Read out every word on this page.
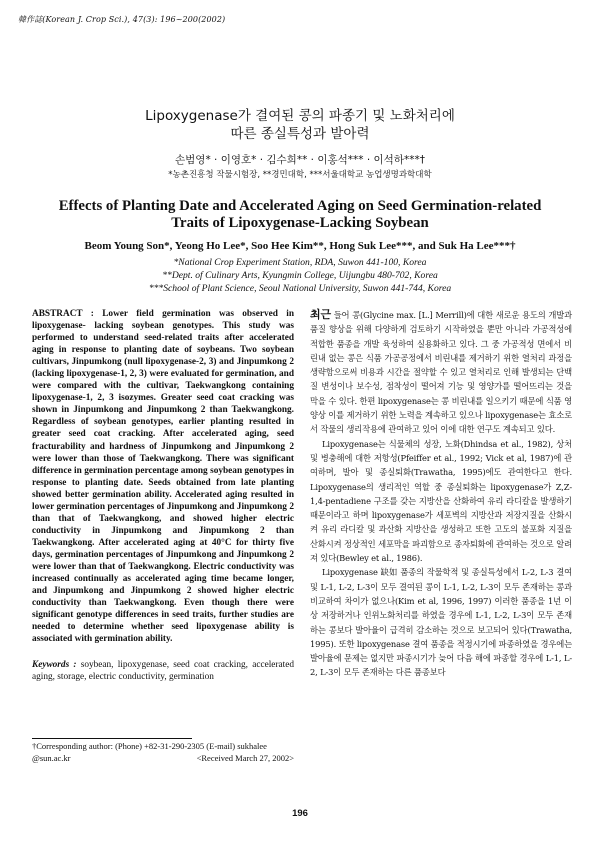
韓作誌(Korean J. Crop Sci.), 47(3): 196~200(2002)
Lipoxygenase가 결여된 콩의 파종기 및 노화처리에
따른 종실특성과 발아력
손범영* · 이영호* · 김수희** · 이홍석*** · 이석하***†
*농촌진흥청 작물시험장, **경민대학, ***서울대학교 농업생명과학대학
Effects of Planting Date and Accelerated Aging on Seed Germination-related
Traits of Lipoxygenase-Lacking Soybean
Beom Young Son*, Yeong Ho Lee*, Soo Hee Kim**, Hong Suk Lee***, and Suk Ha Lee***†
*National Crop Experiment Station, RDA, Suwon 441-100, Korea
**Dept. of Culinary Arts, Kyungmin College, Uijungbu 480-702, Korea
***School of Plant Science, Seoul National University, Suwon 441-744, Korea
ABSTRACT : Lower field germination was observed in lipoxygenase- lacking soybean genotypes. This study was performed to understand seed-related traits after accelerated aging in response to planting date of soybeans. Two soybean cultivars, Jinpumkong (null lipoxygenase-2, 3) and Jinpumkong 2 (lacking lipoxygenase-1, 2, 3) were evaluated for germination, and were compared with the cultivar, Taekwangkong containing lipoxygenase-1, 2, 3 isozymes. Greater seed coat cracking was shown in Jinpumkong and Jinpumkong 2 than Taekwangkong. Regardless of soybean genotypes, earlier planting resulted in greater seed coat cracking. After accelerated aging, seed fracturability and hardness of Jinpumkong and Jinpumkong 2 were lower than those of Taekwangkong. There was significant difference in germination percentage among soybean genotypes in response to planting date. Seeds obtained from late planting showed better germination ability. Accelerated aging resulted in lower germination percentages of Jinpumkong and Jinpumkong 2 than that of Taekwangkong, and showed higher electric conductivity in Jinpumkong and Jinpumkong 2 than Taekwangkong. After accelerated aging at 40°C for thirty five days, germination percentages of Jinpumkong and Jinpumkong 2 were lower than that of Taekwangkong. Electric conductivity was increased continually as accelerated aging time became longer, and Jinpumkong and Jinpumkong 2 showed higher electric conductivity than Taekwangkong. Even though there were significant genotype differences in seed traits, further studies are needed to determine whether seed lipoxygenase ability is associated with germination ability.
Keywords : soybean, lipoxygenase, seed coat cracking, accelerated aging, storage, electric conductivity, germination
†Corresponding author: (Phone) +82-31-290-2305 (E-mail) sukhalee
@sun.ac.kr	<Received March 27, 2002>

최근 들어 콩(Glycine max. [L.] Merrill)에 대한 새로운 용도의 개발과 품질 향상을 위해 다양하게 검토하기 시작하였을 뿐만 아니라 가공적성에 적합한 품종을 개발 육성하여 실용화하고 있다. 그 중 가공적성 면에서 비린내 없는 콩은 식품 가공공정에서 비린내를 제거하기 위한 열처리 과정을 생략함으로써 비용과 시간을 절약할 수 있고 열처리로 인해 발생되는 단백질 변성이나 보수성, 점착성이 떨어져 기능 및 영양가를 떨어뜨리는 것을 막을 수 있다. 한편 lipoxygenase는 콩 비린내를 일으키기 때문에 식품 영양상 이를 제거하기 위한 노력을 계속하고 있으나 lipoxygenase는 효소로서 작물의 생리작용에 관여하고 있어 이에 대한 연구도 계속되고 있다.

Lipoxygenase는 식물체의 성장, 노화(Dhindsa et al., 1982), 상처 및 병충해에 대한 저항성(Pfeiffer et al., 1992; Vick et al, 1987)에 관여하며, 발아 및 종실퇴화(Trawatha, 1995)에도 관여한다고 한다. Lipoxygenase의 생리적인 역할 중 종실퇴화는 lipoxygenase가 Z,Z-1,4-pentadiene 구조를 갖는 지방산을 산화하여 유리 라디칼을 발생하기 때문이라고 하며 lipoxygenase가 세포벽의 지방산과 저장지질을 산화시켜 유리 라디칼 및 과산화 지방산을 생성하고 또한 고도의 불포화 지질을 산화시켜 정상적인 세포막을 파괴함으로 종자퇴화에 관여하는 것으로 알려져 있다(Bewley et al., 1986).

Lipoxygenase 缺如 품종의 작물학적 및 종실특성에서 L-2, L-3 결여 및 L-1, L-2, L-3이 모두 결여된 콩이 L-1, L-2, L-3이 모두 존재하는 콩과 비교하여 차이가 없으나(Kim et al, 1996, 1997) 이러한 품종을 1년 이상 저장하거나 인위노화처리를 하였을 경우에 L-1, L-2, L-3이 모두 존재하는 콩보다 발아율이 급격히 감소하는 것으로 보고되어 있다(Trawatha, 1995). 또한 lipoxygenase 결여 품종을 적정시기에 파종하였을 경우에는 발아율에 문제는 없지만 파종시기가 늦어 다음 해에 파종할 경우에 L-1, L-2, L-3이 모두 존재하는 다른 품종보다

196
